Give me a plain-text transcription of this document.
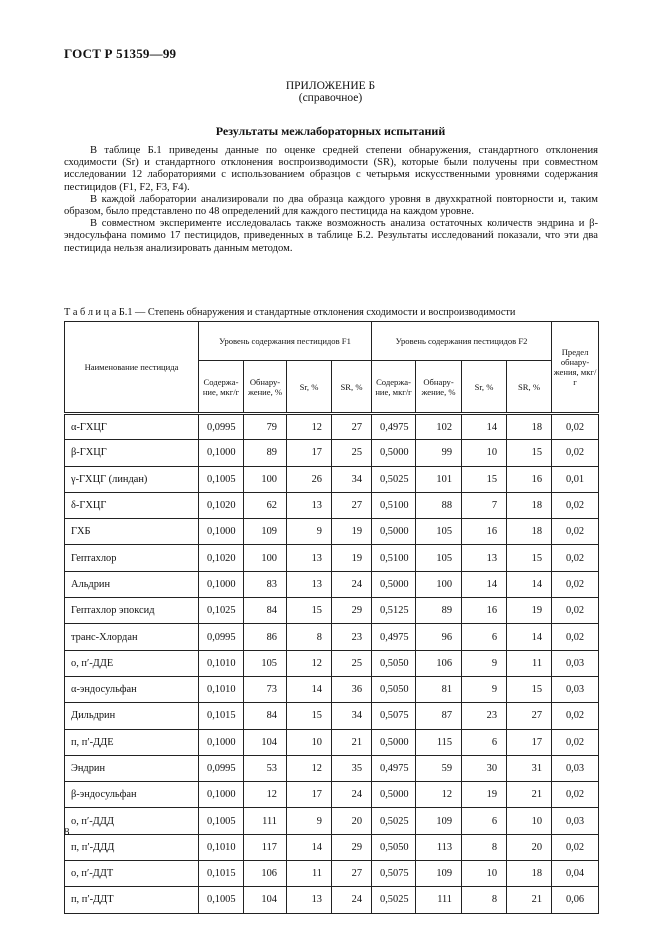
ГОСТ Р 51359—99
ПРИЛОЖЕНИЕ Б
(справочное)
Результаты межлабораторных испытаний

В таблице Б.1 приведены данные по оценке средней степени обнаружения, стандартного отклонения сходимости (Sr) и стандартного отклонения воспроизводимости (SR), которые были получены при совместном исследовании 12 лабораториями с использованием образцов с четырьмя искусственными уровнями содержания пестицидов (F1, F2, F3, F4).

В каждой лаборатории анализировали по два образца каждого уровня в двухкратной повторности и, таким образом, было представлено по 48 определений для каждого пестицида на каждом уровне.

В совместном эксперименте исследовалась также возможность анализа остаточных количеств эндрина и β-эндосульфана помимо 17 пестицидов, приведенных в таблице Б.2. Результаты исследований показали, что эти два пестицида нельзя анализировать данным методом.

Т а б л и ц а Б.1 — Степень обнаружения и стандартные отклонения сходимости и воспроизводимости
Наименование пестицида	Уровень содержания пестицидов F1				Уровень содержания пестицидов F2				Предел обнару-жения, мкг/г
	Содержа-ние, мкг/г	Обнару-жение, %	Sr, %	SR, %	Содержа-ние, мкг/г	Обнару-жение, %	Sr, %	SR, %	
α-ГХЦГ	0,0995	79	12	27	0,4975	102	14	18	0,02
β-ГХЦГ	0,1000	89	17	25	0,5000	99	10	15	0,02
γ-ГХЦГ (линдан)	0,1005	100	26	34	0,5025	101	15	16	0,01
δ-ГХЦГ	0,1020	62	13	27	0,5100	88	7	18	0,02
ГХБ	0,1000	109	9	19	0,5000	105	16	18	0,02
Гептахлор	0,1020	100	13	19	0,5100	105	13	15	0,02
Альдрин	0,1000	83	13	24	0,5000	100	14	14	0,02
Гептахлор эпоксид	0,1025	84	15	29	0,5125	89	16	19	0,02
транс-Хлордан	0,0995	86	8	23	0,4975	96	6	14	0,02
о, п′-ДДЕ	0,1010	105	12	25	0,5050	106	9	11	0,03
α-эндосульфан	0,1010	73	14	36	0,5050	81	9	15	0,03
Дильдрин	0,1015	84	15	34	0,5075	87	23	27	0,02
п, п′-ДДЕ	0,1000	104	10	21	0,5000	115	6	17	0,02
Эндрин	0,0995	53	12	35	0,4975	59	30	31	0,03
β-эндосульфан	0,1000	12	17	24	0,5000	12	19	21	0,02
о, п′-ДДД	0,1005	111	9	20	0,5025	109	6	10	0,03
п, п′-ДДД	0,1010	117	14	29	0,5050	113	8	20	0,02
о, п′-ДДТ	0,1015	106	11	27	0,5075	109	10	18	0,04
п, п′-ДДТ	0,1005	104	13	24	0,5025	111	8	21	0,06
8
